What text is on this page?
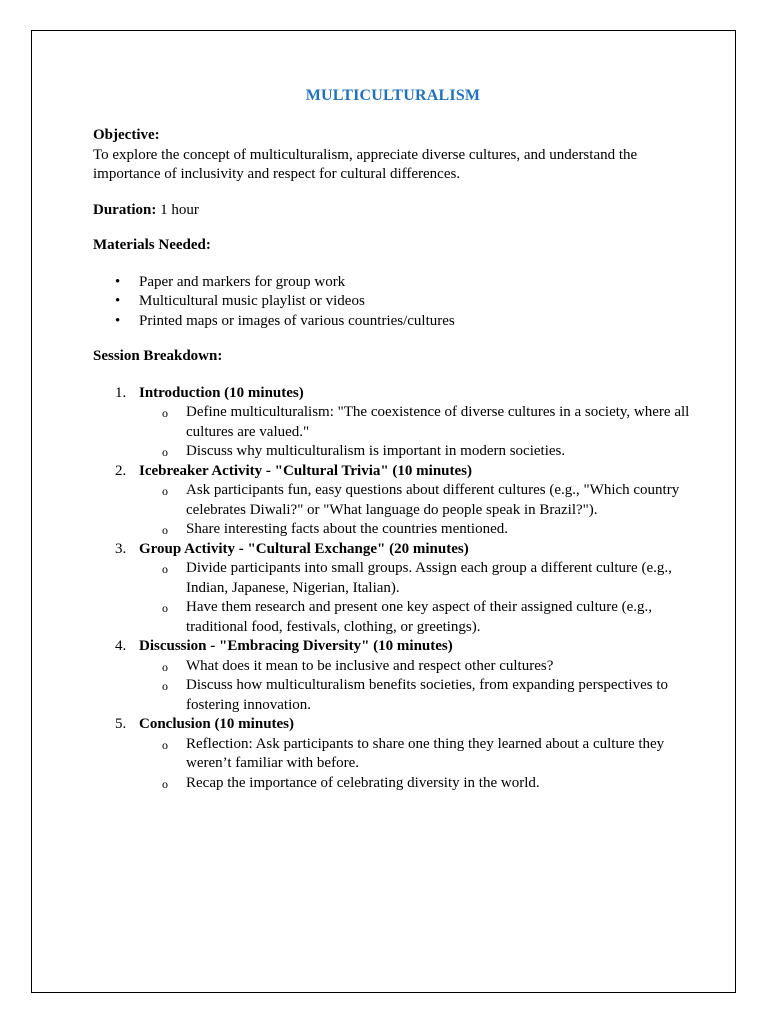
MULTICULTURALISM

Objective:

To explore the concept of multiculturalism, appreciate diverse cultures, and understand the importance of inclusivity and respect for cultural differences.

Duration: 1 hour

Materials Needed:

• Paper and markers for group work
• Multicultural music playlist or videos
• Printed maps or images of various countries/cultures

Session Breakdown:

1. Introduction (10 minutes)
o Define multiculturalism: "The coexistence of diverse cultures in a society, where all cultures are valued."
o Discuss why multiculturalism is important in modern societies.
2. Icebreaker Activity - "Cultural Trivia" (10 minutes)
o Ask participants fun, easy questions about different cultures (e.g., "Which country celebrates Diwali?" or "What language do people speak in Brazil?").
o Share interesting facts about the countries mentioned.
3. Group Activity - "Cultural Exchange" (20 minutes)
o Divide participants into small groups. Assign each group a different culture (e.g., Indian, Japanese, Nigerian, Italian).
o Have them research and present one key aspect of their assigned culture (e.g., traditional food, festivals, clothing, or greetings).
4. Discussion - "Embracing Diversity" (10 minutes)
o What does it mean to be inclusive and respect other cultures?
o Discuss how multiculturalism benefits societies, from expanding perspectives to fostering innovation.
5. Conclusion (10 minutes)
o Reflection: Ask participants to share one thing they learned about a culture they weren’t familiar with before.
o Recap the importance of celebrating diversity in the world.
